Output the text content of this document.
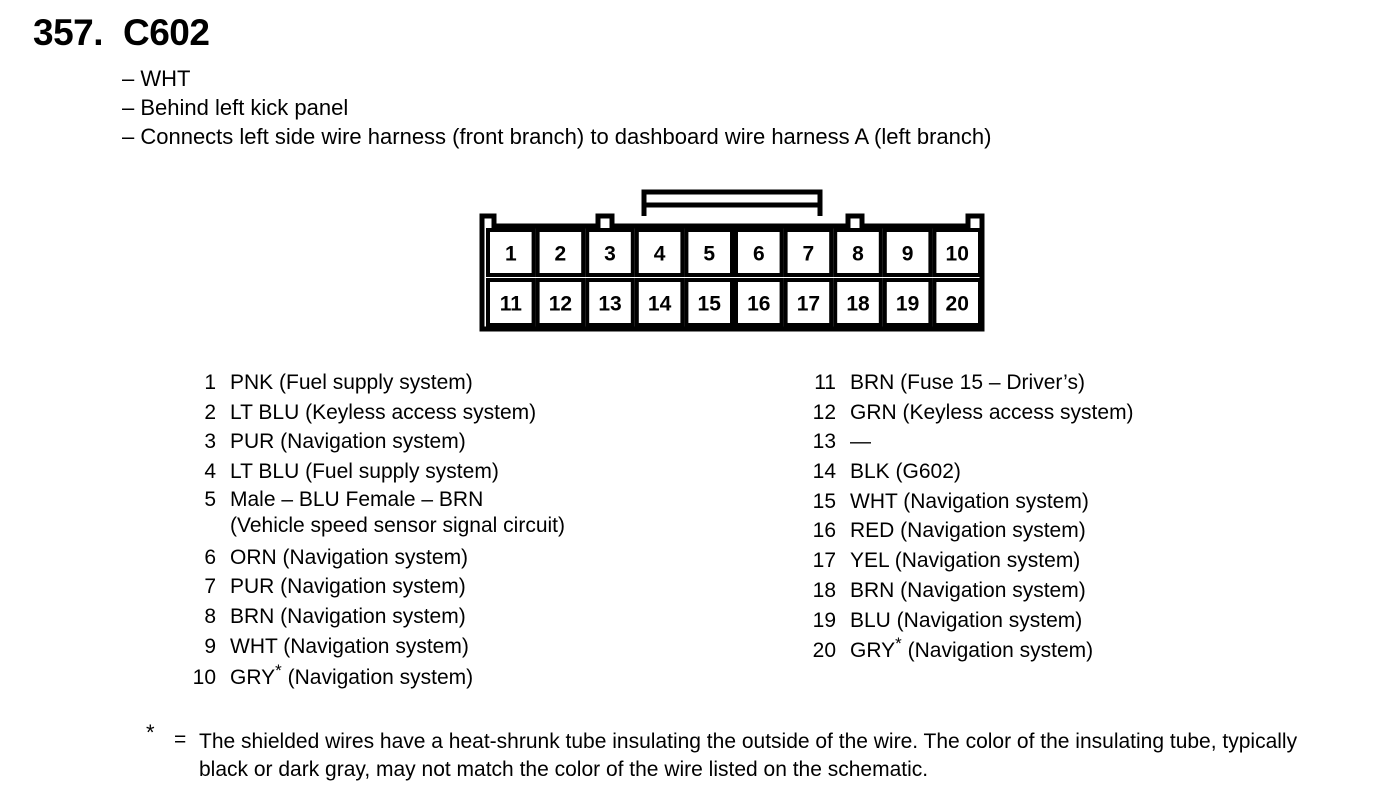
357. C602
– WHT
– Behind left kick panel
– Connects left side wire harness (front branch) to dashboard wire harness A (left branch)
1 2 3 4 5 6 7 8 9 10
11 12 13 14 15 16 17 18 19 20
1 PNK (Fuel supply system)
2 LT BLU (Keyless access system)
3 PUR (Navigation system)
4 LT BLU (Fuel supply system)
5 Male – BLU Female – BRN
(Vehicle speed sensor signal circuit)
6 ORN (Navigation system)
7 PUR (Navigation system)
8 BRN (Navigation system)
9 WHT (Navigation system)
10 GRY* (Navigation system)
11 BRN (Fuse 15 – Driver’s)
12 GRN (Keyless access system)
13 —
14 BLK (G602)
15 WHT (Navigation system)
16 RED (Navigation system)
17 YEL (Navigation system)
18 BRN (Navigation system)
19 BLU (Navigation system)
20 GRY* (Navigation system)
* = The shielded wires have a heat-shrunk tube insulating the outside of the wire. The color of the insulating tube, typically
black or dark gray, may not match the color of the wire listed on the schematic.
